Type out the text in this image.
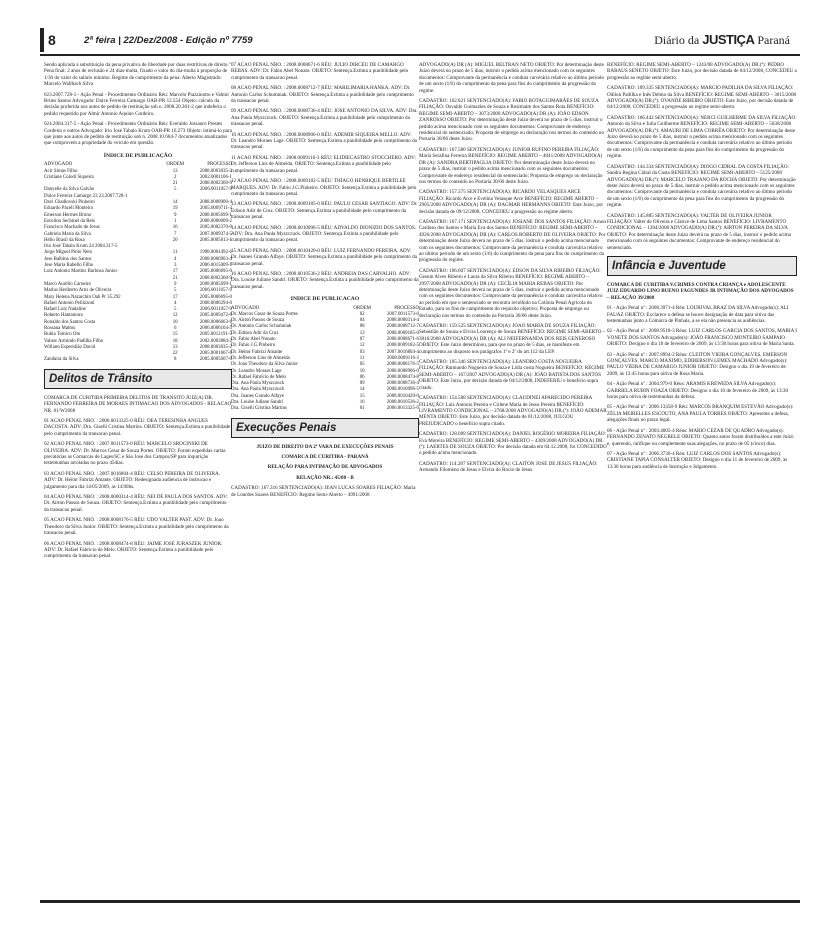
8	2ª feira | 22/Dez/2008 - Edição nº 7759	Diário da JUSTIÇA Paraná

Sendo aplicada a substituição da pena privativa de liberdade por duas restritivas de direito." Pena final: 2 anos de reclusão e 24 dias-multa, fixado o valor do dia-multa à proporção de 1/30 do valor do salário mínimo. Regime de cumprimento da pena: Aberto Magistrado: Marcelo Wallbach Silva

023.2007.728-1 - Ação Penal - Procedimento Ordinário Réu: Marcelo Piazzinotto e Valmir Brites Santos Advogado: Dulce Ferreira Camargo OAB-PR 12.554 Objeto: cálculo da decisão proferida nos autos de pedido de restituição sob n. 2008.20.301-2 que indeferiu o pedido requerido por Almir Antonio Aquino Cordeiro.

024.2004.317-5 - Ação Penal - Procedimento Ordinário Réu: Everaldo Jossauro Prestes Cordeiro e outros Advogado: Irio José Tabalo Krum OAB-PR 16.273 Objeto: intimá-lo para que junte aos autos de pedido de restituição sob n. 2008.10.664-7 documentos atualizados que comprovem a propriedade do veículo em questão.

ÍNDICE DE PUBLICAÇÃO
ADVOGADO	ORDEM	PROCESSO
Acir Simas Filho	13	2008.0003035-2
Cristiane Colodi Siqueira	2	2002.0001106-1
	21	2008.0002360-9
Danyelle da Silva Galvão	5	2006.0011057-9
Dulce Ferreira Camargo 23 23.2007.728-1		
Davi Chadlovski Pinheiro	14	2008.0008900-4
Eduardo Paceli Monteiro	19	2005.0009711-3
Emerson Hermes Bruno	9	2008.0005699-1
Eurolino Sechinel da Reis	1	2008.0000009-2
Francisco Machado de Jesus	16	2005.0002370-0
Gabriela Maria da Silva	7	2007.0009374-5
Hélio Brasil da Rosa	20	2005.0005813-1
Irio José Tabalo Krum 24 2004.317-5		
Jorge Miguel Pinto Neto	11	1998.0001492-6
Jose Balbino dos Santos	4	2008.0006903-4
Jose Maria Rabello Filho	3	2006.0015009-1
Luiz Antonio Martins Barbosa Junior	17	2005.0006695-0
	21	2008.0002360-9
Marco Aurélio Carneiro	9	2008.0005699-1
Marlus Heriberto Arns de Oliveira	5	2006.0011057-9
Mary Helena Nazarchin Oab Pr 35.292	17	2005.0006695-0
Rafael Antonio Pellizzoni	4	2008.0006294-0
Rafael Luiz Nadaline	5	2006.0011057-9
Roberto Hamamura	12	2005.0009472-6
Ronaldo dos Santos Costa	10	2008.0006663-6
Rossana Mattos	6	2006.0006104-5
Rubia Tomico Oto	15	2005.0012191-5
Valnor Armindo Padilha Filho	18	2002.0003884-2
William Esperidião David	13	2008.0003035-2
	22	2005.0001667-6
Zandaira da Silva	8	2005.0005667-0
Delitos de Trânsito

COMARCA DE CURITIBA PRIMEIRA DELITOS DE TRANSITO JUIZ(A) DR. FERNANDO FERREIRA DE MORAES INTIMACAO DOS ADVOGADOS - RELACAO NR. 01/W2008

01 ACAO PENAL NRO. : 2006.0013325-0 RÉU: DEA TERESINHA ANGUES DACOSTA. ADV: Dra. Giselli Cristina Martins. OBJETO: Sentença.Extinta a punibilidade pelo cumprimento da transacao penal.

02 ACAO PENAL NRO. : 2007.0011573-0 RÉU: MARCELO SROCINSKI DE OLIVEIRA. ADV: Dr. Marcos Cesar de Souza Portes. OBJETO: Foram expedidas cartas precatórias as Comarcas de Lages/SC e São Jose dos Campos/SP para inquirição testemunhas arroladas no prazo 45dias.

03 ACAO PENAL NRO. : 2007.0016804-4 RÉU: CELSO PEREIRA DE OLIVEIRA. ADV: Dr. Heitor Fabrizi Amante. OBJETO: Redesignada audiencia de instrucao e julgamento para dia 14/05/2009, as 14:00hs.

04 ACAO PENAL NRO. : 2008.0000314-4 RÉU: NEI DE PAULA DOS SANTOS. ADV: Dr. Airton Passos de Souza. OBJETO: Sentença.Extinta a punibilidade pelo cumprimento da transacao penal.

05 ACAO PENAL NRO. : 2008.0008176-5 RÉU: UDO VALTER PAST. ADV: Dr. Joao Theodoro da Silva Junior. OBJETO: Sentença.Extinta a punibilidade pelo cumprimento da transacao penal.

06 ACAO PENAL NRO. : 2008.0008474-8 RÉU: JAIME JOSE JURASZEK JUNIOR. ADV: Dr. Rafael Fabrício de Melo. OBJETO: Sentença.Extinta a punibilidade pelo cumprimento da transacao penal.

07 ACAO PENAL NRO. : 2008.0008671-6 RÉU: JULIO DIRCEU DE CAMARGO REBAS. ADV: Dr. Fabio Abel Nonato. OBJETO: Sentença.Extinta a punibilidade pelo cumprimento da transacao penal.

08 ACAO PENAL NRO. : 2008.0008712-7 RÉU: MARILIMARIA HANKA. ADV: Dr. Antonio Carlos Schumniak. OBJETO: Sentença.Extinta a punibilidade pelo cumprimento da transacao penal.

09 ACAO PENAL NRO. : 2008.0008736-4 RÉU: JOSE ANTONIO DA SILVA. ADV: Dra. Ana Paula Myszczuck. OBJETO: Sentença.Extinta a punibilidade pelo cumprimento da transacao penal.

10 ACAO PENAL NRO. : 2008.0008906-0 RÉU: ADEMIR SIQUEIRA MELLO. ADV: Dr. Leandro Moraes Lage. OBJETO: Sentença.Extinta a punibilidade pelo cumprimento da transacao penal.

11 ACAO PENAL NRO. : 2008.0009116-3 RÉU: ELIDIECASTRO STOCCHERO. ADV: Dr. Jefferson Lins de Almeida. OBJETO: Sentença.Extinta a punibilidade pelo cumprimento da transacao penal.

12 ACAO PENAL NRO. : 2008.0009182-5 RÉU: THIAGO HENRIQUE BERTILEE MARQUES. ADV: Dr. Fabio J.G.Pinheiro. OBJETO: Sentença.Extinta a punibilidade pelo cumprimento da transacao penal.

13 ACAO PENAL NRO. : 2008.0009185-0 RÉU: PAULO CESAR SANTIAGO. ADV: Dr. Edison Adir de Cruz. OBJETO: Sentença.Extinta a punibilidade pelo cumprimento da transacao penal.

14 ACAO PENAL NRO. : 2008.0010096-5 RÉU: ADVALDO DIONIZIO DOS SANTOS. ADV: Dra. Ana Paula Myszczuck. OBJETO: Sentença.Extinta a punibilidade pelo cumprimento da transacao penal.

15 ACAO PENAL NRO. : 2008.0010420-0 RÉU: LUIZ FERNANDO PEREIRA. ADV: Dr. Juanes Grando Alfaye. OBJETO: Sentença.Extinta a punibilidade pelo cumprimento da transacao penal.

16 ACAO PENAL NRO. : 2008.0010536-2 RÉU: ANDREIA DAS CARVALHO. ADV: Dra. Louise Jullane Sandri. OBJETO: Sentença.Extinta a punibilidade pelo cumprimento da transacao penal.

INDICE DE PUBLICACAO
ADVOGADO	ORDEM	PROCESSO
Dr. Marcos Cesar de Souza Portes	02	2007.0011573-0
Dr. Airton Passos de Souza	04	2008.0000314-4
Dr. Antonio Carlos Schumniak	08	2008.0008712-7
Dr. Edison Adir da Cruz	13	2008.0009185-0
Dr. Fabio Abel Nonato	07	2008.0008671-6
Dr. Fabio J.G.Pinheiro	12	2008.0009182-5
Dr. Heitor Fabrizi Amante	03	2007.0016804-4
Dr. Jefferson Lins de Almeida	11	2008.0009116-3
Dr. Joao Theodoro da Silva Junior	05	2008.0008176-5
Dr. Leandro Moraes Lage	10	2008.0008906-0
Dr. Rafael Fabrício de Melo	06	2008.0008474-8
Dra. Ana Paula Myszczuck	09	2008.0008736-4
Dra. Ana Paula Myszczuck	14	2008.0010096-5
Dra. Juanes Grando Alfaye	15	2008.0010420-0
Dra. Louise Jullane Sandri	16	2008.0010536-2
Dra. Giselli Cristina Martins	01	2006.0013325-0
Execuções Penais

JUIZO DE DIREITO DA 2ª VARA DE EXECUÇÕES PENAIS

COMARCA DE CURITIBA - PARANÁ

RELAÇÃO PARA INTIMAÇÃO DE ADVOGADOS

RELAÇÃO NR.: 45/08 - B

CADASTRO: 167.316 SENTENCIADO(A): JEAN LUCAS SOARES FILIAÇÃO: Maria de Lourdes Soares BENEFÍCIO: Regime Semi-Aberto – 4991/2008

ADVOGADO(A) DR (A): MIGUEL BELTRAN NETO OBJETO: Por determinação deste Juízo deverá no prazo de 5 dias, instruir o pedido acima mencionado com os seguintes documentos: Comprovante da permanência e conduta carcerária relativo ao último período de um sexto (1/6) do cumprimento da pena para fins do cumprimento da progressão do regime.

CADASTRO: 162.821 SENTENCIADO(A): FABIO BOTAGUIMARÃES DE SOUZA FILIAÇÃO: Osvaldo Guimarães de Souza e Rosimaire dos Santos Rota BENEFÍCIO: REGIME SEMI-ABERTO – 3073/2008 ADVOGADO(A) DR (A): JOÃO EDSON ZANROSSO OBJETO: Por determinação deste Juízo deverá no prazo de 5 dias, instruir o pedido acima mencionado com os seguintes documentos: Comprovante de endereço residencial do sentenciado; Proposta de emprego ou declaração nos termos do conteúdo no Portaria 30/06 deste Juízo.

CADASTRO: 167.580 SENTENCIADO(A): JUNIOR RUFINO PEREIRA FILIAÇÃO: Maria Serafina Ferreira BENEFÍCIO: REGIME ABERTO – 4041/2008 ADVOGADO(A) DR (A): SANDRA BERTIPAGLIA OBJETO: Por determinação deste Juízo deverá no prazo de 5 dias, instruir o pedido acima mencionado com os seguintes documentos: Comprovante de endereço residencial do sentenciado; Proposta de emprego ou declaração nos termos do conteúdo no Portaria 30/06 deste Juízo.

CADASTRO: 157.375 SENTENCIADO(A): RICARDO VELASQUES ARCE FILIAÇÃO: Ricardo Arce e Evelina Velasque Arce BENEFÍCIO: REGIME ABERTO – 2905/2008 ADVOGADO(A) DR (A): DAGMAR HERMANNS OBJETO: Este Juízo, por decisão datada de 09/12/2008, CONCEDEU a progressão ao regime aberto.

CADASTRO: 167.171 SENTENCIADO(A): JOSIANE DOS SANTOS FILIAÇÃO: Arnon Cardoso dos Santos e Maria Eva dos Santos BENEFÍCIO: REGIME SEMI-ABERTO – 4926/2008 ADVOGADO(A) DR (A): CARLOS ROBERTO DE OLIVEIRA OBJETO: Por determinação deste Juízo deverá no prazo de 5 dias, instruir o pedido acima mencionado com os seguintes documentos: Comprovante da permanência e conduta carcerária relativo ao último período de um sexto (1/6) do cumprimento da pena para fins do cumprimento da progressão do regime.

CADASTRO: 106.607 SENTENCIADO(A): EDSON DA SILVA RIBEIRO FILIAÇÃO: Gesuin Alves Ribeiro e Laura da Silva Ribeiro BENEFÍCIO: REGIME ABERTO – 2997/2008 ADVOGADO(A) DR (A): CECÍLIA MARIA REBAS OBJETO: Por determinação deste Juízo deverá no prazo de 5 dias, instruir o pedido acima mencionado com os seguintes documentos: Comprovante da permanência e conduta carcerária relativo ao período em que o sentenciado se encontra recolhido na Colônia Penal Agrícola do Estado, para os fins de cumprimento do requisito objetivo; Proposta de emprego ou declaração nos termos do conteúdo na Portaria 30/06 deste Juízo.

CADASTRO: 159.525 SENTENCIADO(A): JOAO MARIA DE SOUZA FILIAÇÃO: Sebastião de Souza e Elvira Lourenço de Souza BENEFÍCIO: REGIME SEMI-ABERTO – 3816/2008 ADVOGADO(A) DR (A): ALI NEIFERNANDA DOS REIS GENEROSO OBJETO: Este Juízo determinou, para que no prazo de 5 dias, se manifeste em cumprimento ao disposto nos parágrafos 1º e 2º do art.112 da LEP.

CADASTRO: 105.346 SENTENCIADO(A): LEANDRO COSTA NOGUEIRA FILIAÇÃO: Raimundo Nogueira de Souza e Lídia costa Nogueira BENEFÍCIO: REGIME SEMI-ABERTO – 167/2007 ADVOGADO(A) DR (A): JOÃO BATISTA DOS SANTOS OBJETO: Este Juízo, por decisão datada de 04/12/2008, INDEFERIU o benefício supra citado.

CADASTRO: 154.588 SENTENCIADO(A): CLAUDINEI APARECIDO PEREIRA FILIAÇÃO: Luiz Antonio Pereira e Cirlene Maria de Jesus Pereira BENEFÍCIO: LIVRAMENTO CONDICIONAL – 2768/2008 ADVOGADO(A) DR.(ª): JOÃO ADEMAR MENTA OBJETO: Este Juízo, por decisão datada de 01/12/2008, JULGOU PREJUDICADO o benefício supra citado.

CADASTRO: 128.089 SENTENCIADO(A): DANIEL ROGÉRIO MOREIRA FILIAÇÃO: Eva Moreira BENEFÍCIO: REGIME SEMI-ABERTO – 4309/2008 ADVOGADO(A) DR.(ª): LAERTES DE SOUZA OBJETO: Por decisão datada em 04.12.2008, foi CONCEDIDO o pedido acima mencionado.

CADASTRO: 114.287 SENTENCIADO(A): CLAITON JOSE DE JESUS FILIAÇÃO: Armando Filomeno de Jesus e Elvira do Rocio de Jesus

BENEFÍCIO: REGIME SEMI-ABERTO – 1243/08 ADVOGADO(A) DR.(ª): PEDRO BARAUS SENETO OBJETO: Este Juízo, por decisão datada de 04/12/2008, CONCEDEU a progressão ao regime semi-aberto.

CADASTRO: 109.335 SENTENCIADO(A): MARCIO PADILHA DA SILVA FILIAÇÃO: Odilon Padilha e Inês Delmo da Silva BENEFÍCIO: REGIME SEMI-ABERTO – 3015/2008 ADVOGADO(A) DR.(ª): OVANDE RIBEIRO OBJETO: Este Juízo, por decisão datada de 04/12/2008, CONCEDEU a progressão ao regime semi-aberto.

CADASTRO: 166.442 SENTENCIADO(A): NERCI GUILHERME DA SILVA FILIAÇÃO: Antonio da Silva e Julia Guilherme BENEFÍCIO: REGIME SEMI-ABERTO – 5038/2008 ADVOGADO(A) DR.(ª): AMAURI DE LIMA CORRÊA OBJETO: Por determinação deste Juízo deverá no prazo de 5 dias, instruir o pedido acima mencionado com os seguintes documentos: Comprovante da permanência e conduta carcerária relativo ao último período de um sexto (1/6) do cumprimento da pena para fins do cumprimento da progressão do regime.

CADASTRO: 144.334 SENTENCIADO(A): DIOGO CIDRAL DA COSTA FILIAÇÃO: Sandra Regina Cidral da Costa BENEFÍCIO: REGIME SEMI-ABERTO – 5125/2008 ADVOGADO(A) DR.(ª): MARCELO TRAJANO DA ROCHA OBJETO: Por determinação deste Juízo deverá no prazo de 5 dias, instruir o pedido acima mencionado com os seguintes documentos: Comprovante da permanência e conduta carcerária relativo ao último período de um sexto (1/6) do cumprimento da pena para fins do cumprimento da progressão do regime.

CADASTRO: 145.885 SENTENCIADO(A): VALTER DE OLIVEIRA JUNIOR FILIAÇÃO: Valter de Oliveira e Clarice de Lima Santos BENEFÍCIO: LIVRAMENTO CONDICIONAL – 1284/2008 ADVOGADO(A) DR.(ª): AIRTON PEREIRA DA SILVA OBJETO: Por determinação deste Juízo deverá no prazo de 5 dias, instruir o pedido acima mencionado com os seguintes documentos: Comprovante de endereço residencial do sentenciado.

Infância e Juventude

COMARCA DE CURITIBA V.CRIMES CONTRA CRIANÇA e ADOLESCENTE JUIZ EDUARDO LINO BUENO FAGUNDES JR INTIMAÇÃO DOS ADVOGADOS – RELAÇÃO 39/2008

01 - Ação Penal nº : 2008.3971-4 Réu: LOURIVAL BRAZ DA SILVA Advogado(s): ALI FAUAZ OBJETO: Exclarece a defesa se houve designação de data para oitiva das testemunhas junto a Comarca de Pinhais, a se ela não presencia as audiências.

02 - Ação Penal nº : 2008.9518-3 Réus: LUIZ CARLOS GARCIA DOS SANTOS, MARIA I VONETE DOS SANTOS Advogado(s): JOÃO FRANCISCO MONTEIRO SAMPAIO OBJETO: Designo o dia 18 de fevereiro de 2009, às 13:30 horas para oitiva de Maria Santa.

03 - Ação Penal nº : 2007.8994-2 Réus: CLEITON VIEIRA GONÇALVES, EMERSON GONÇALVES, MARCO MAXIMO, EDIBERSON LEMES MACHADO Advogado(s): PAULO VIEIRA DE CAMARGO JUNIOR OBJETO: Designo o dia 19 de fevereiro de 2009, às 13:45 horas para oitiva de Rosa Maria.

04 - Ação Penal nº : 2004.979-0 Réus: ARAMIS KREWEDA SILVA Advogado(s): GABRIELA RUBIN FOAZA OBJETO: Designo o dia 10 de fevereiro de 2009, às 13:30 horas para oitiva de testemunhas da defesa.

05 - Ação Penal nº : 2006.13358-9 Réu: MARCOS BRANQUIM ESTEVÃO Advogado(s): ZÉLIA MEIRELLES ESCOUTO, ANA PAULA TORRES OBJETO: Apresente a defesa, alegações finais no prazo legal.

06 - Ação Penal nº : 2003.4005-4 Réus: MARIO CEZAR DE QUADRO Advogado(s): FERNANDO ZENATO NEGRELE OBJETO: Quanto autos foram distribuídos a este Juízo e, querendo, ratifique ou complemente suas alegações, no prazo de 05 (cinco) dias.

07 - Ação Penal nº : 2006.3730-4 Réu: LUIZ CARLOS DOS SANTOS Advogado(s): CRISTIANE TAPIA CONSALTER OBJETO: Designo o dia 11 de fevereiro de 2009, às 13:30 horas para audiência de Instrução e Julgamento.
